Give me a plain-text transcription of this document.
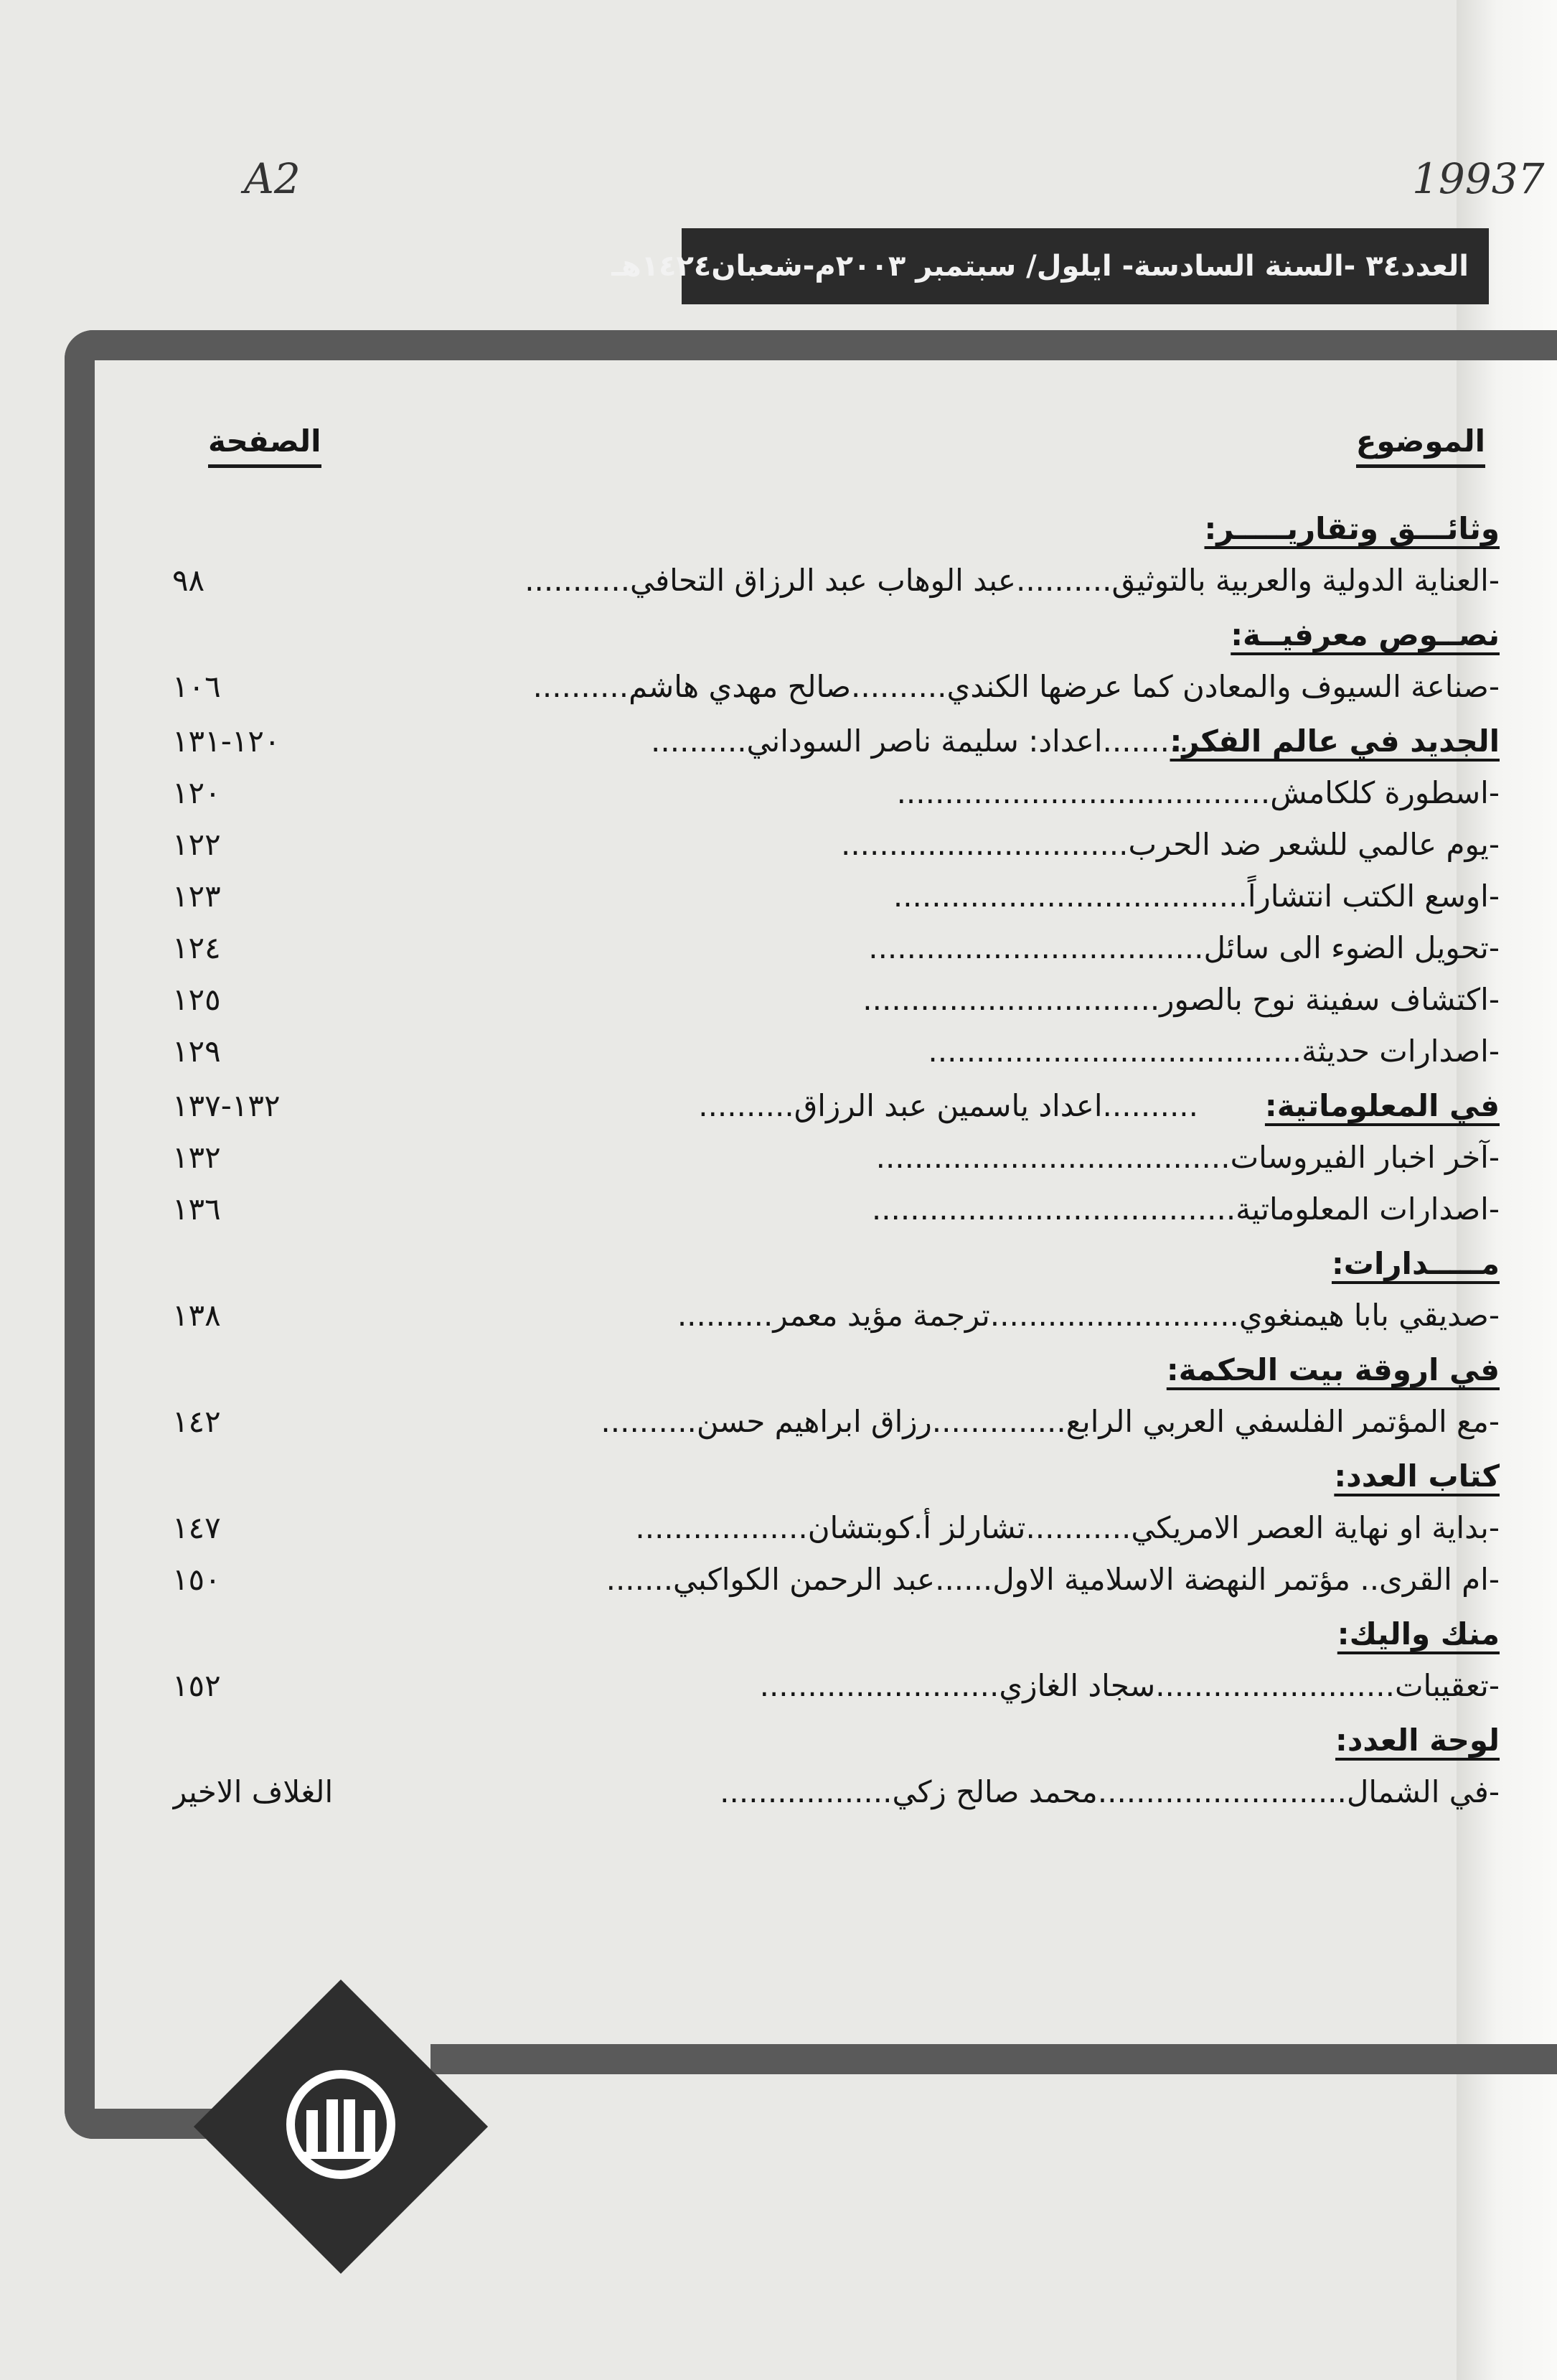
A2	19937
العدد٣٤ -السنة السادسة- ايلول/ سبتمبر ٢٠٠٣م-شعبان١٤٢٤هـ
الموضوع
الصفحة
وثائـــق وتقاريـــــر:
-العناية الدولية والعربية بالتوثيق..........عبد الوهاب عبد الرزاق التحافي...........
٩٨
نصــوص معرفيــة:
-صناعة السيوف والمعادن كما عرضها الكندي..........صالح مهدي هاشم..........
١٠٦
الجديد في عالم الفكر:
..........اعداد: سليمة ناصر السوداني..........
١٢٠-١٣١
-اسطورة كلكامش.......................................
١٢٠
-يوم عالمي للشعر ضد الحرب..............................
١٢٢
-اوسع الكتب انتشاراً.....................................
١٢٣
-تحويل الضوء الى سائل...................................
١٢٤
-اكتشاف سفينة نوح بالصور...............................
١٢٥
-اصدارات حديثة.......................................
١٢٩
في المعلوماتية:
..........اعداد ياسمين عبد الرزاق..........
١٣٢-١٣٧
-آخر اخبار الفيروسات.....................................
١٣٢
-اصدارات المعلوماتية......................................
١٣٦
مـــــدارات:
-صديقي بابا هيمنغوي..........................ترجمة مؤيد معمر..........
١٣٨
في اروقة بيت الحكمة:
-مع المؤتمر الفلسفي العربي الرابع..............رزاق ابراهيم حسن..........
١٤٢
كتاب العدد:
-بداية او نهاية العصر الامريكي...........تشارلز أ.كوبتشان..................
١٤٧
-ام القرى.. مؤتمر النهضة الاسلامية الاول......عبد الرحمن الكواكبي.......
١٥٠
منك واليك:
-تعقيبات.........................سجاد الغازي.........................
١٥٢
لوحة العدد:
-في الشمال..........................محمد صالح زكي..................
الغلاف الاخير
